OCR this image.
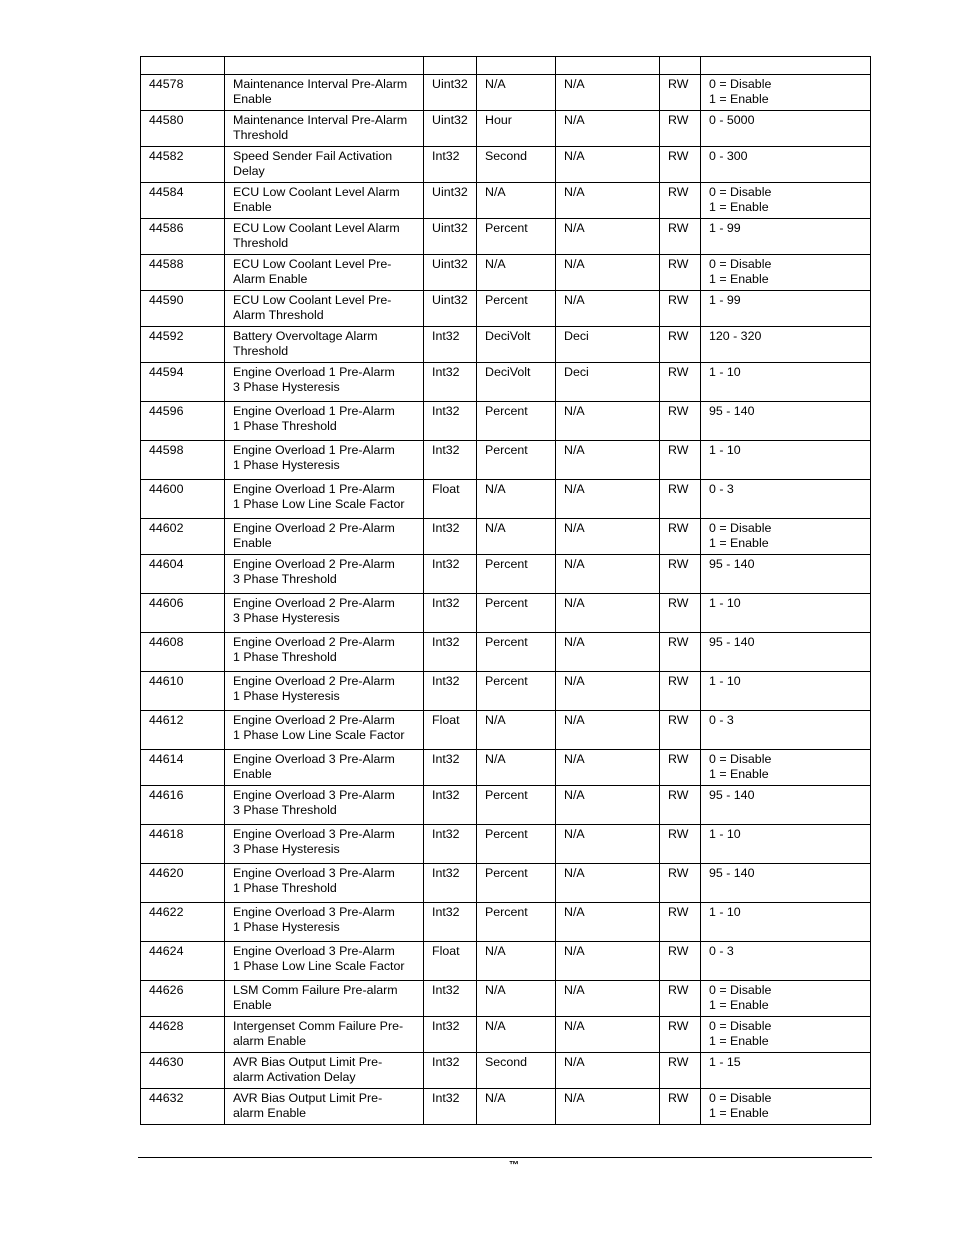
44578	Maintenance Interval Pre-Alarm
Enable	Uint32	N/A	N/A	RW	0 = Disable
1 = Enable
44580	Maintenance Interval Pre-Alarm
Threshold	Uint32	Hour	N/A	RW	0 - 5000
44582	Speed Sender Fail Activation
Delay	Int32	Second	N/A	RW	0 - 300
44584	ECU Low Coolant Level Alarm
Enable	Uint32	N/A	N/A	RW	0 = Disable
1 = Enable
44586	ECU Low Coolant Level Alarm
Threshold	Uint32	Percent	N/A	RW	1 - 99
44588	ECU Low Coolant Level Pre-
Alarm Enable	Uint32	N/A	N/A	RW	0 = Disable
1 = Enable
44590	ECU Low Coolant Level Pre-
Alarm Threshold	Uint32	Percent	N/A	RW	1 - 99
44592	Battery Overvoltage Alarm
Threshold	Int32	DeciVolt	Deci	RW	120 - 320
44594	Engine Overload 1 Pre-Alarm
3 Phase Hysteresis	Int32	DeciVolt	Deci	RW	1 - 10
44596	Engine Overload 1 Pre-Alarm
1 Phase Threshold	Int32	Percent	N/A	RW	95 - 140
44598	Engine Overload 1 Pre-Alarm
1 Phase Hysteresis	Int32	Percent	N/A	RW	1 - 10
44600	Engine Overload 1 Pre-Alarm
1 Phase Low Line Scale Factor	Float	N/A	N/A	RW	0 - 3
44602	Engine Overload 2 Pre-Alarm
Enable	Int32	N/A	N/A	RW	0 = Disable
1 = Enable
44604	Engine Overload 2 Pre-Alarm
3 Phase Threshold	Int32	Percent	N/A	RW	95 - 140
44606	Engine Overload 2 Pre-Alarm
3 Phase Hysteresis	Int32	Percent	N/A	RW	1 - 10
44608	Engine Overload 2 Pre-Alarm
1 Phase Threshold	Int32	Percent	N/A	RW	95 - 140
44610	Engine Overload 2 Pre-Alarm
1 Phase Hysteresis	Int32	Percent	N/A	RW	1 - 10
44612	Engine Overload 2 Pre-Alarm
1 Phase Low Line Scale Factor	Float	N/A	N/A	RW	0 - 3
44614	Engine Overload 3 Pre-Alarm
Enable	Int32	N/A	N/A	RW	0 = Disable
1 = Enable
44616	Engine Overload 3 Pre-Alarm
3 Phase Threshold	Int32	Percent	N/A	RW	95 - 140
44618	Engine Overload 3 Pre-Alarm
3 Phase Hysteresis	Int32	Percent	N/A	RW	1 - 10
44620	Engine Overload 3 Pre-Alarm
1 Phase Threshold	Int32	Percent	N/A	RW	95 - 140
44622	Engine Overload 3 Pre-Alarm
1 Phase Hysteresis	Int32	Percent	N/A	RW	1 - 10
44624	Engine Overload 3 Pre-Alarm
1 Phase Low Line Scale Factor	Float	N/A	N/A	RW	0 - 3
44626	LSM Comm Failure Pre-alarm
Enable	Int32	N/A	N/A	RW	0 = Disable
1 = Enable
44628	Intergenset Comm Failure Pre-
alarm Enable	Int32	N/A	N/A	RW	0 = Disable
1 = Enable
44630	AVR Bias Output Limit Pre-
alarm Activation Delay	Int32	Second	N/A	RW	1 - 15
44632	AVR Bias Output Limit Pre-
alarm Enable	Int32	N/A	N/A	RW	0 = Disable
1 = Enable
™
